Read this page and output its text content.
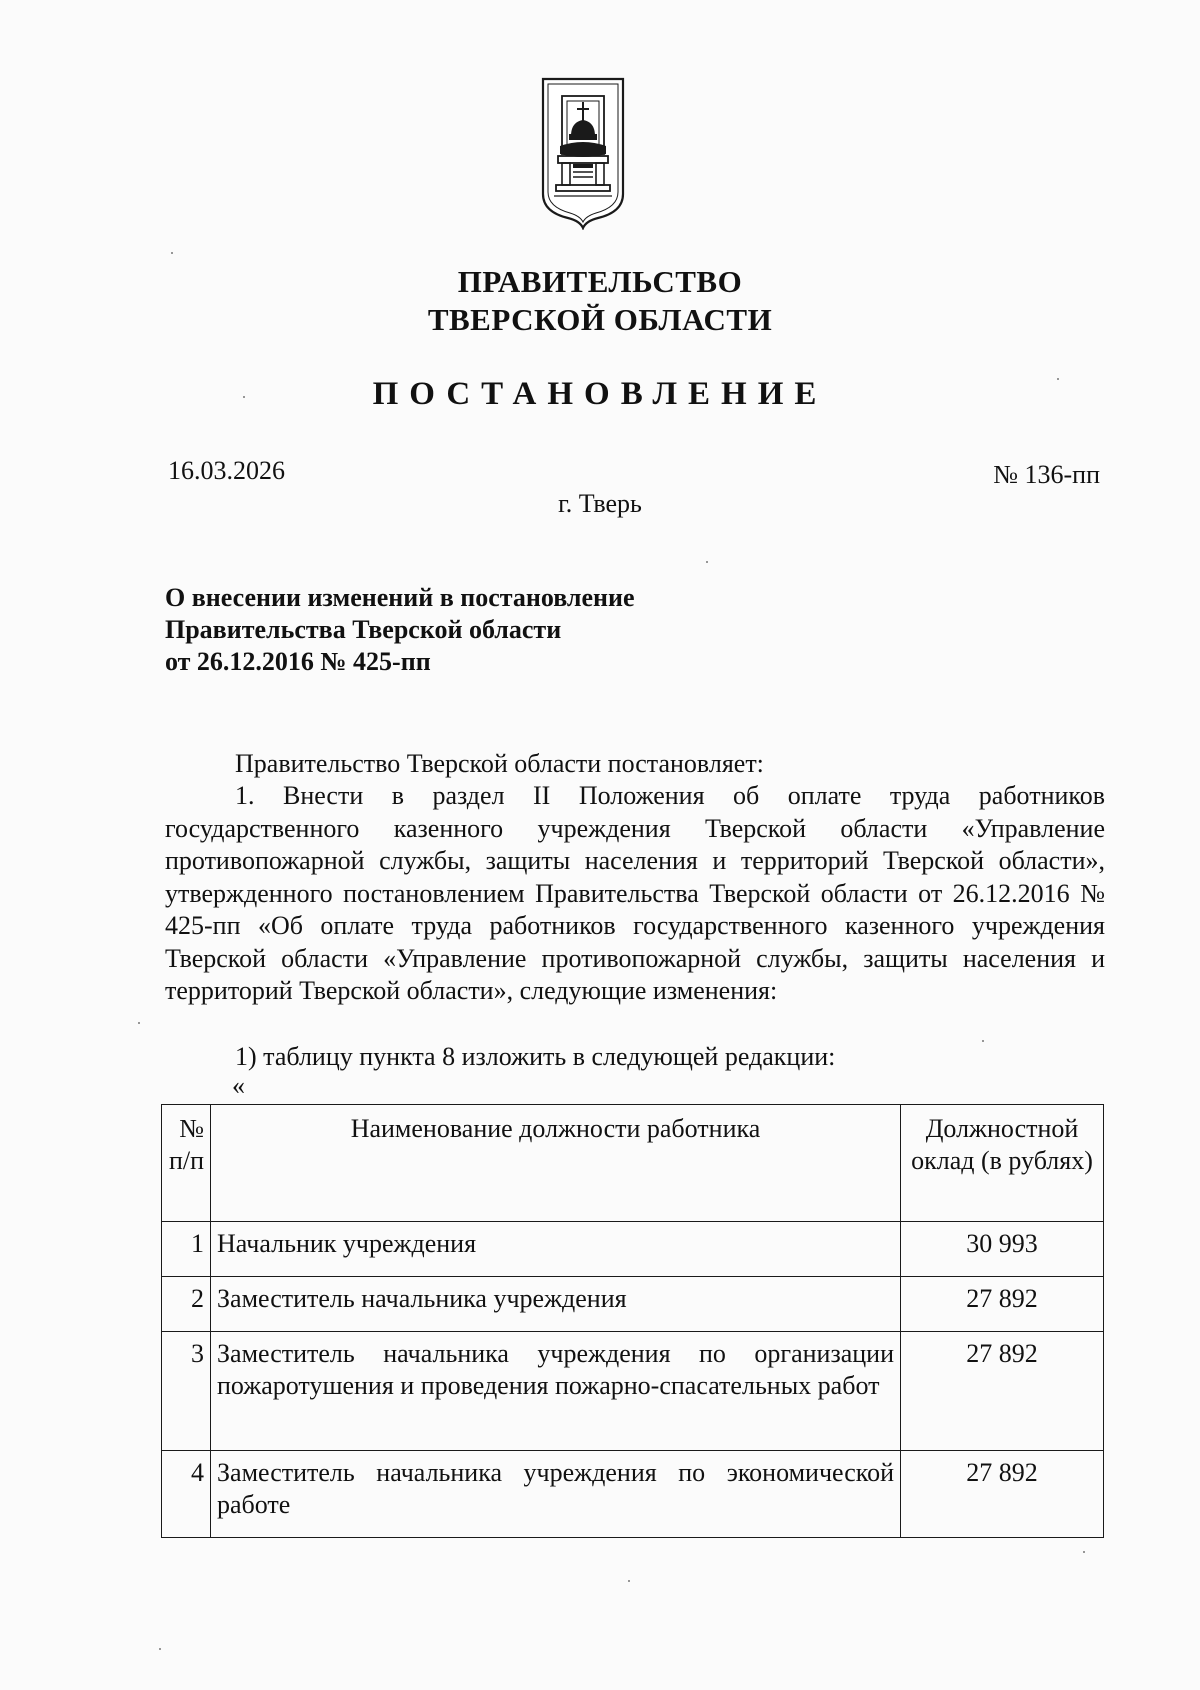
ПРАВИТЕЛЬСТВО
ТВЕРСКОЙ ОБЛАСТИ
ПОСТАНОВЛЕНИЕ
16.03.2026	№ 136-пп
г. Тверь
О внесении изменений в постановление
Правительства Тверской области
от 26.12.2016 № 425-пп
Правительство Тверской области постановляет:
1. Внести в раздел II Положения об оплате труда работников государственного казенного учреждения Тверской области «Управление противопожарной службы, защиты населения и территорий Тверской области», утвержденного постановлением Правительства Тверской области от 26.12.2016 № 425-пп «Об оплате труда работников государственного казенного учреждения Тверской области «Управление противопожарной службы, защиты населения и территорий Тверской области», следующие изменения:
1) таблицу пункта 8 изложить в следующей редакции:
«
№ п/п	Наименование должности работника	Должностной оклад (в рублях)
1	Начальник учреждения	30 993
2	Заместитель начальника учреждения	27 892
3	Заместитель начальника учреждения по организации пожаротушения и проведения пожарно-спасательных работ	27 892
4	Заместитель начальника учреждения по экономической работе	27 892
